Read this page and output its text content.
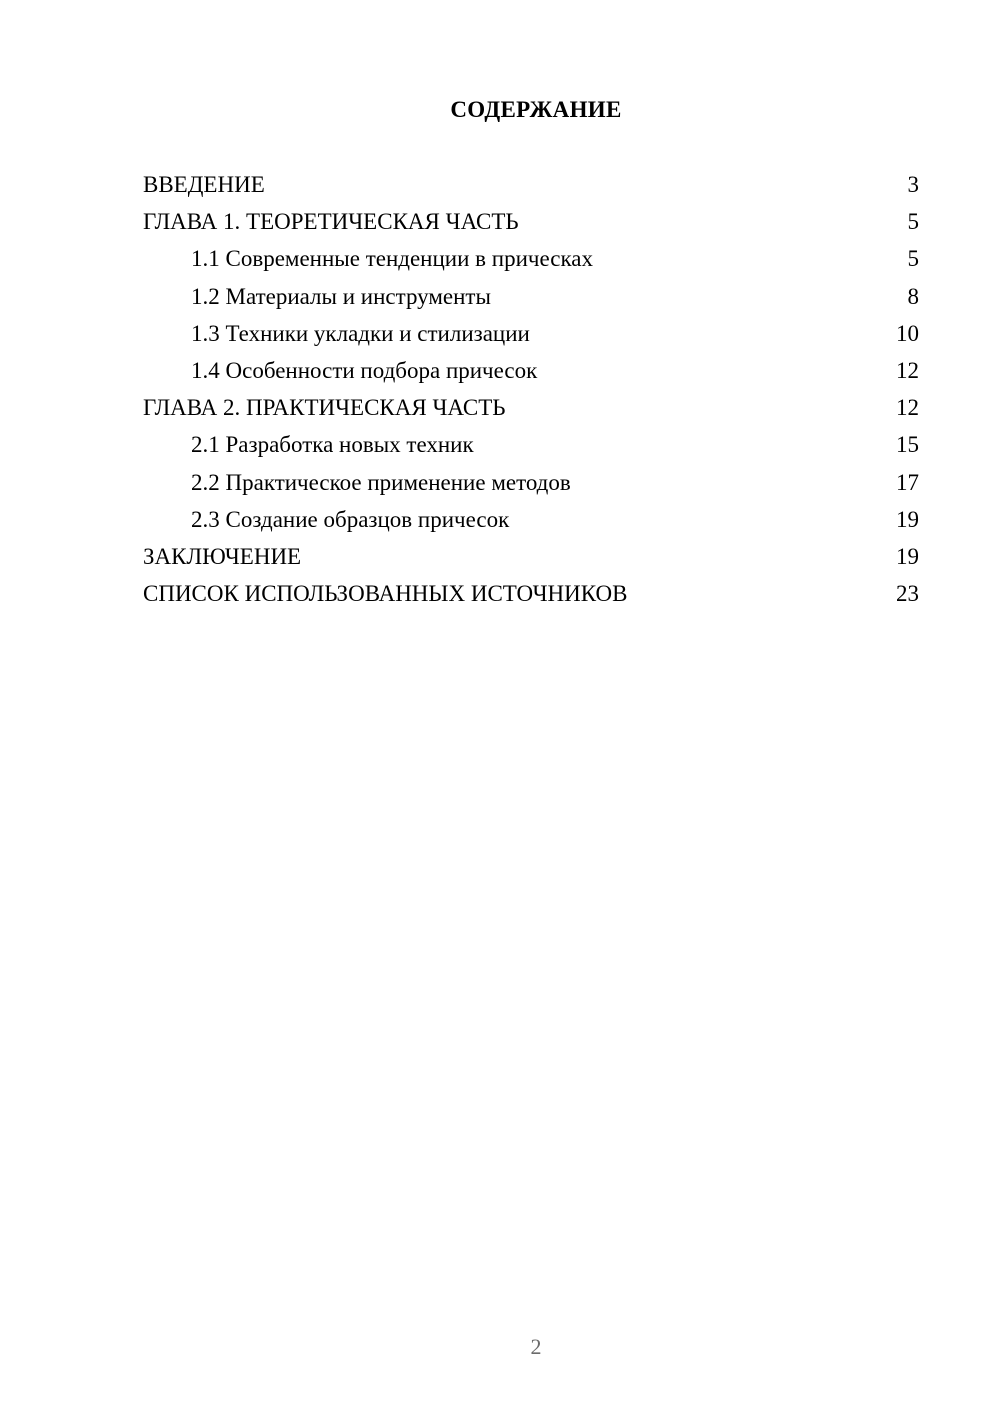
СОДЕРЖАНИЕ
ВВЕДЕНИЕ	3
ГЛАВА 1. ТЕОРЕТИЧЕСКАЯ ЧАСТЬ	5
1.1 Современные тенденции в прическах	5
1.2 Материалы и инструменты	8
1.3 Техники укладки и стилизации	10
1.4 Особенности подбора причесок	12
ГЛАВА 2. ПРАКТИЧЕСКАЯ ЧАСТЬ	12
2.1 Разработка новых техник	15
2.2 Практическое применение методов	17
2.3 Создание образцов причесок	19
ЗАКЛЮЧЕНИЕ	19
СПИСОК ИСПОЛЬЗОВАННЫХ ИСТОЧНИКОВ	23
2
